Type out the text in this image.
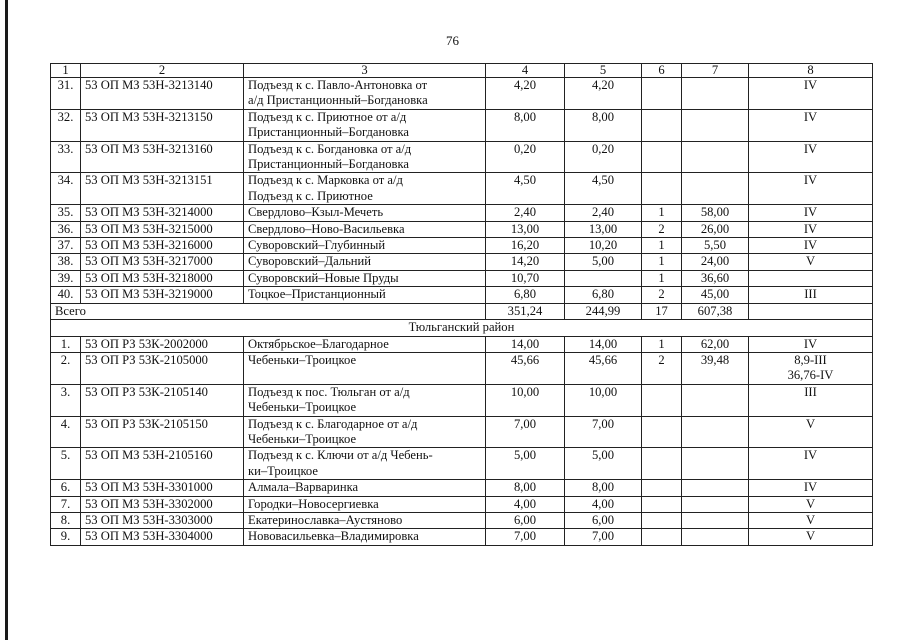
76
1	2	3	4	5	6	7	8
31.	53 ОП МЗ 53Н-3213140	Подъезд к с. Павло-Антоновка от
а/д Пристанционный–Богдановка	4,20	4,20			IV
32.	53 ОП МЗ 53Н-3213150	Подъезд к с. Приютное от а/д
Пристанционный–Богдановка	8,00	8,00			IV
33.	53 ОП МЗ 53Н-3213160	Подъезд к с. Богдановка от а/д
Пристанционный–Богдановка	0,20	0,20			IV
34.	53 ОП МЗ 53Н-3213151	Подъезд к с. Марковка от а/д
Подъезд к с. Приютное	4,50	4,50			IV
35.	53 ОП МЗ 53Н-3214000	Свердлово–Кзыл-Мечеть	2,40	2,40	1	58,00	IV
36.	53 ОП МЗ 53Н-3215000	Свердлово–Ново-Васильевка	13,00	13,00	2	26,00	IV
37.	53 ОП МЗ 53Н-3216000	Суворовский–Глубинный	16,20	10,20	1	5,50	IV
38.	53 ОП МЗ 53Н-3217000	Суворовский–Дальний	14,20	5,00	1	24,00	V
39.	53 ОП МЗ 53Н-3218000	Суворовский–Новые Пруды	10,70		1	36,60	
40.	53 ОП МЗ 53Н-3219000	Тоцкое–Пристанционный	6,80	6,80	2	45,00	III
Всего			351,24	244,99	17	607,38	
Тюльганский район							
1.	53 ОП РЗ 53К-2002000	Октябрьское–Благодарное	14,00	14,00	1	62,00	IV
2.	53 ОП РЗ 53К-2105000	Чебеньки–Троицкое	45,66	45,66	2	39,48	8,9-III
36,76-IV
3.	53 ОП РЗ 53К-2105140	Подъезд к пос. Тюльган от а/д
Чебеньки–Троицкое	10,00	10,00			III
4.	53 ОП РЗ 53К-2105150	Подъезд к с. Благодарное от а/д
Чебеньки–Троицкое	7,00	7,00			V
5.	53 ОП МЗ 53Н-2105160	Подъезд к с. Ключи от а/д Чебень-
ки–Троицкое	5,00	5,00			IV
6.	53 ОП МЗ 53Н-3301000	Алмала–Варваринка	8,00	8,00			IV
7.	53 ОП МЗ 53Н-3302000	Городки–Новосергиевка	4,00	4,00			V
8.	53 ОП МЗ 53Н-3303000	Екатеринославка–Аустяново	6,00	6,00			V
9.	53 ОП МЗ 53Н-3304000	Нововасильевка–Владимировка	7,00	7,00			V
